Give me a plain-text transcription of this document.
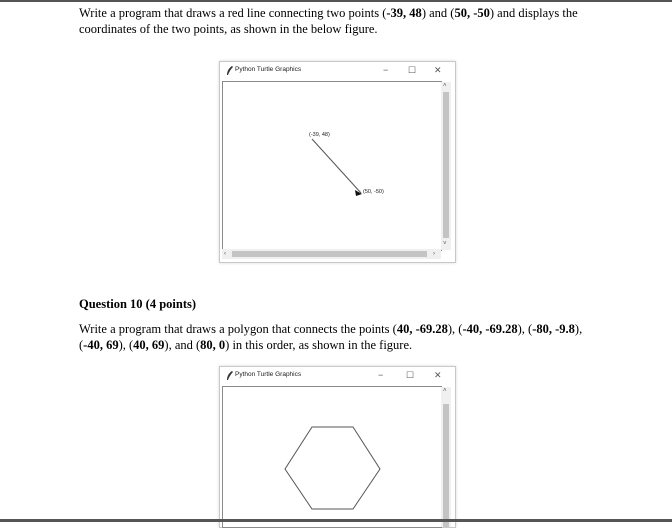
Write a program that draws a red line connecting two points (-39, 48) and (50, -50) and displays the coordinates of the two points, as shown in the below figure.

Python Turtle Graphics	− ☐ ✕
(-39, 48)
(50, -50)
˄
˅
‹	›

Question 10 (4 points)

Write a program that draws a polygon that connects the points (40, -69.28), (-40, -69.28), (-80, -9.8), (-40, 69), (40, 69), and (80, 0) in this order, as shown in the figure.

Python Turtle Graphics	−	☐ ✕
˄
